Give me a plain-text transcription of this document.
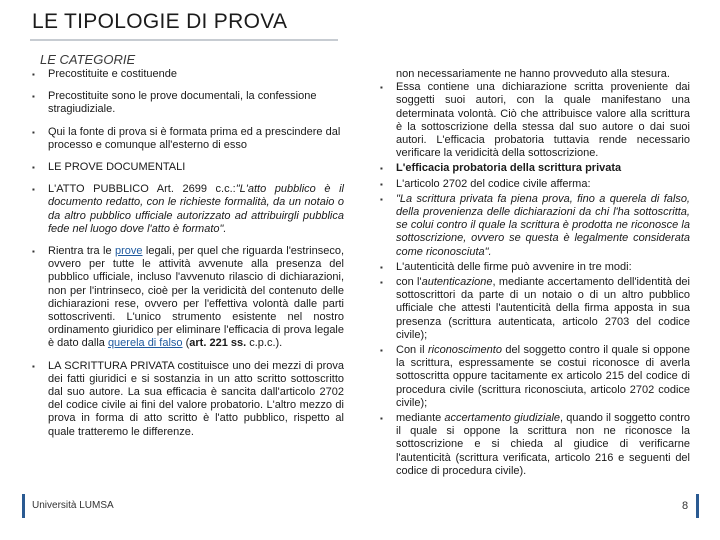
LE TIPOLOGIE DI PROVA
LE CATEGORIE
▪ Precostituite e costituende
▪ Precostituite sono le prove documentali, la confessione stragiudiziale.
▪ Qui la fonte di prova si è formata prima ed a prescindere dal processo e comunque all'esterno di esso
▪ LE PROVE DOCUMENTALI
▪ L'ATTO PUBBLICO Art. 2699 c.c.:"L'atto pubblico è il documento redatto, con le richieste formalità, da un notaio o da altro pubblico ufficiale autorizzato ad attribuirgli pubblica fede nel luogo dove l'atto è formato".
▪ Rientra tra le prove legali, per quel che riguarda l'estrinseco, ovvero per tutte le attività avvenute alla presenza del pubblico ufficiale, incluso l'avvenuto rilascio di dichiarazioni, non per l'intrinseco, cioè per la veridicità del contenuto delle dichiarazioni rese, ovvero per l'effettiva volontà dalle parti sottoscriventi. L'unico strumento esistente nel nostro ordinamento giuridico per eliminare l'efficacia di prova legale è dato dalla querela di falso (art. 221 ss. c.p.c.).
▪ LA SCRITTURA PRIVATA costituisce uno dei mezzi di prova dei fatti giuridici e si sostanzia in un atto scritto sottoscritto dal suo autore. La sua efficacia è sancita dall'articolo 2702 del codice civile ai fini del valore probatorio. L'altro mezzo di prova in forma di atto scritto è l'atto pubblico, rispetto al quale tratteremo le differenze.
non necessariamente ne hanno provveduto alla stesura.
▪ Essa contiene una dichiarazione scritta proveniente dai soggetti suoi autori, con la quale manifestano una determinata volontà. Ciò che attribuisce valore alla scrittura è la sottoscrizione della stessa dal suo autore o dai suoi autori. L'efficacia probatoria tuttavia rende necessario verificare la veridicità della sottoscrizione.
▪ L'efficacia probatoria della scrittura privata
▪ L'articolo 2702 del codice civile afferma:
▪ "La scrittura privata fa piena prova, fino a querela di falso, della provenienza delle dichiarazioni da chi l'ha sottoscritta, se colui contro il quale la scrittura è prodotta ne riconosce la sottoscrizione, ovvero se questa è legalmente considerata come riconosciuta".
▪ L'autenticità delle firme può avvenire in tre modi:
▪ con l'autenticazione, mediante accertamento dell'identità dei sottoscrittori da parte di un notaio o di un altro pubblico ufficiale che attesti l'autenticità della firma apposta in sua presenza (scrittura autenticata, articolo 2703 del codice civile);
▪ Con il riconoscimento del soggetto contro il quale si oppone la scrittura, espressamente se costui riconosce di averla sottoscritta oppure tacitamente ex articolo 215 del codice di procedura civile (scrittura riconosciuta, articolo 2702 codice civile);
▪ mediante accertamento giudiziale, quando il soggetto contro il quale si oppone la scrittura non ne riconosce la sottoscrizione e si chieda al giudice di verificarne l'autenticità (scrittura verificata, articolo 216 e seguenti del codice di procedura civile).
Università LUMSA	8
